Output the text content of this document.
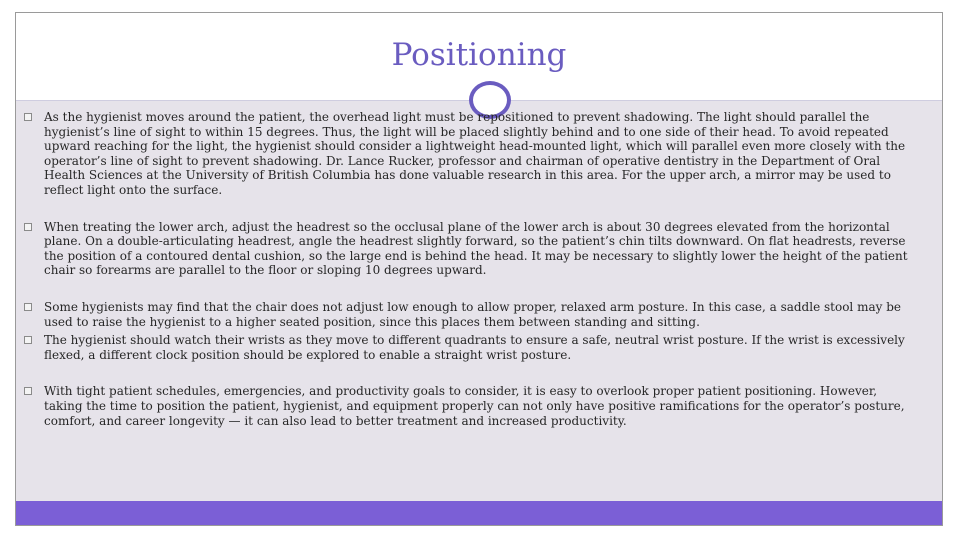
Positioning
As the hygienist moves around the patient, the overhead light must be repositioned to prevent shadowing. The light should parallel the hygienist’s line of sight to within 15 degrees. Thus, the light will be placed slightly behind and to one side of their head. To avoid repeated upward reaching for the light, the hygienist should consider a lightweight head-mounted light, which will parallel even more closely with the operator’s line of sight to prevent shadowing. Dr. Lance Rucker, professor and chairman of operative dentistry in the Department of Oral Health Sciences at the University of British Columbia has done valuable research in this area. For the upper arch, a mirror may be used to reflect light onto the surface.
When treating the lower arch, adjust the headrest so the occlusal plane of the lower arch is about 30 degrees elevated from the horizontal plane. On a double-articulating headrest, angle the headrest slightly forward, so the patient’s chin tilts downward. On flat headrests, reverse the position of a contoured dental cushion, so the large end is behind the head. It may be necessary to slightly lower the height of the patient chair so forearms are parallel to the floor or sloping 10 degrees upward.
Some hygienists may find that the chair does not adjust low enough to allow proper, relaxed arm posture. In this case, a saddle stool may be used to raise the hygienist to a higher seated position, since this places them between standing and sitting.
The hygienist should watch their wrists as they move to different quadrants to ensure a safe, neutral wrist posture. If the wrist is excessively flexed, a different clock position should be explored to enable a straight wrist posture.
With tight patient schedules, emergencies, and productivity goals to consider, it is easy to overlook proper patient positioning. However, taking the time to position the patient, hygienist, and equipment properly can not only have positive ramifications for the operator’s posture, comfort, and career longevity — it can also lead to better treatment and increased productivity.
